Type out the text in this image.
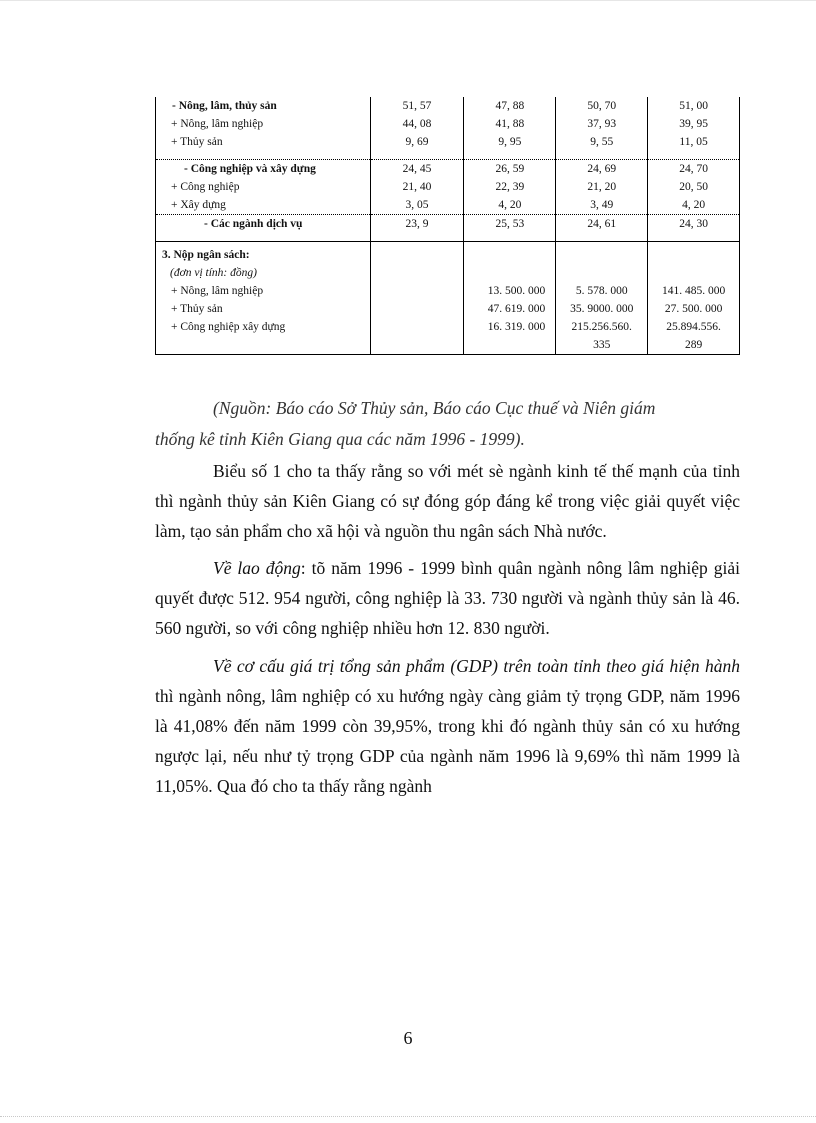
- Nông, lâm, thủy sản	51, 57	47, 88	50, 70	51, 00
+ Nông, lâm nghiệp	44, 08	41, 88	37, 93	39, 95
+ Thủy sản	9, 69	9, 95	9, 55	11, 05

- Công nghiệp và xây dựng	24, 45	26, 59	24, 69	24, 70
+ Công nghiệp	21, 40	22, 39	21, 20	20, 50
+ Xây dựng	3, 05	4, 20	3, 49	4, 20
- Các ngành dịch vụ	23, 9	25, 53	24, 61	24, 30

3. Nộp ngân sách:				
(đơn vị tính: đồng)				
+ Nông, lâm nghiệp		13. 500. 000	5. 578. 000	141. 485. 000
+ Thủy sản		47. 619. 000	35. 9000. 000	27. 500. 000
+ Công nghiệp xây dựng		16. 319. 000	215.256.560.	25.894.556.
			335	289
(Nguồn: Báo cáo Sở Thủy sản, Báo cáo Cục thuế và Niên giám
thống kê tỉnh Kiên Giang qua các năm 1996 - 1999).
Biểu số 1 cho ta thấy rằng so với mét sè ngành kinh tế thế mạnh của tỉnh thì ngành thủy sản Kiên Giang có sự đóng góp đáng kể trong việc giải quyết việc làm, tạo sản phẩm cho xã hội và nguồn thu ngân sách Nhà nước.
Về lao động: tõ năm 1996 - 1999 bình quân ngành nông lâm nghiệp giải quyết được 512. 954 người, công nghiệp là 33. 730 người và ngành thủy sản là 46. 560 người, so với công nghiệp nhiều hơn 12. 830 người.
Về cơ cấu giá trị tổng sản phẩm (GDP) trên toàn tỉnh theo giá hiện hành thì ngành nông, lâm nghiệp có xu hướng ngày càng giảm tỷ trọng GDP, năm 1996 là 41,08% đến năm 1999 còn 39,95%, trong khi đó ngành thủy sản có xu hướng ngược lại, nếu như tỷ trọng GDP của ngành năm 1996 là 9,69% thì năm 1999 là 11,05%. Qua đó cho ta thấy rằng ngành
6
